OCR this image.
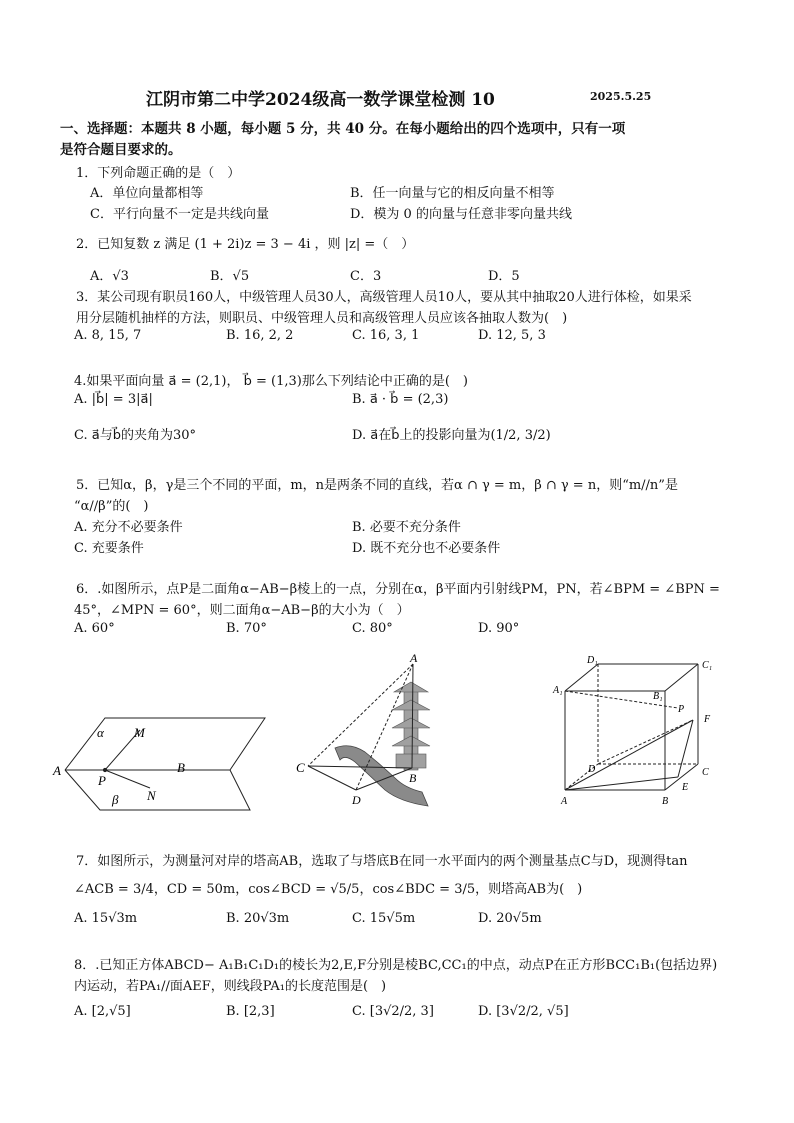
江阴市第二中学2024级高一数学课堂检测 10	2025.5.25
一、选择题：本题共 8 小题，每小题 5 分，共 40 分。在每小题给出的四个选项中，只有一项
是符合题目要求的。
1．下列命题正确的是（　）
A．单位向量都相等	B．任一向量与它的相反向量不相等
C．平行向量不一定是共线向量	D．模为 0 的向量与任意非零向量共线
2．已知复数 z 满足 (1 + 2i)z = 3 − 4i ，则 |z| =（　）
A．√3	B．√5	C．3	D．5
3．某公司现有职员160人，中级管理人员30人，高级管理人员10人，要从其中抽取20人进行体检，如果采
用分层随机抽样的方法，则职员、中级管理人员和高级管理人员应该各抽取人数为(　)
A. 8, 15, 7	B. 16, 2, 2	C. 16, 3, 1	D. 12, 5, 3
4.如果平面向量 a⃗ = (2,1)， b⃗ = (1,3)那么下列结论中正确的是(　)
A. |b⃗| = 3|a⃗|	B. a⃗ · b⃗ = (2,3)
C. a⃗与b⃗的夹角为30°	D. a⃗在b⃗上的投影向量为(1/2, 3/2)
5．已知α，β，γ是三个不同的平面，m，n是两条不同的直线，若α ∩ γ = m，β ∩ γ = n，则“m//n”是
“α//β”的(　)
A. 充分不必要条件	B. 必要不充分条件
C. 充要条件	D. 既不充分也不必要条件
6．.如图所示，点P是二面角α−AB−β棱上的一点，分别在α，β平面内引射线PM，PN，若∠BPM = ∠BPN =
45°，∠MPN = 60°，则二面角α−AB−β的大小为（　）
A. 60°	B. 70°	C. 80°	D. 90°
α M
A
P
B
N
β
A
C
B
D
D₁	C₁
A₁
B₁
P
F
D	C
A	B
E
7．如图所示，为测量河对岸的塔高AB，选取了与塔底B在同一水平面内的两个测量基点C与D，现测得tan
∠ACB = 3/4，CD = 50m，cos∠BCD = √5/5，cos∠BDC = 3/5，则塔高AB为(　)
A. 15√3m	B. 20√3m	C. 15√5m	D. 20√5m
8．.已知正方体ABCD− A₁B₁C₁D₁的棱长为2,E,F分别是棱BC,CC₁的中点，动点P在正方形BCC₁B₁(包括边界)
内运动，若PA₁//面AEF，则线段PA₁的长度范围是(　)
A. [2,√5]	B. [2,3]	C. [3√2/2, 3]	D. [3√2/2, √5]
